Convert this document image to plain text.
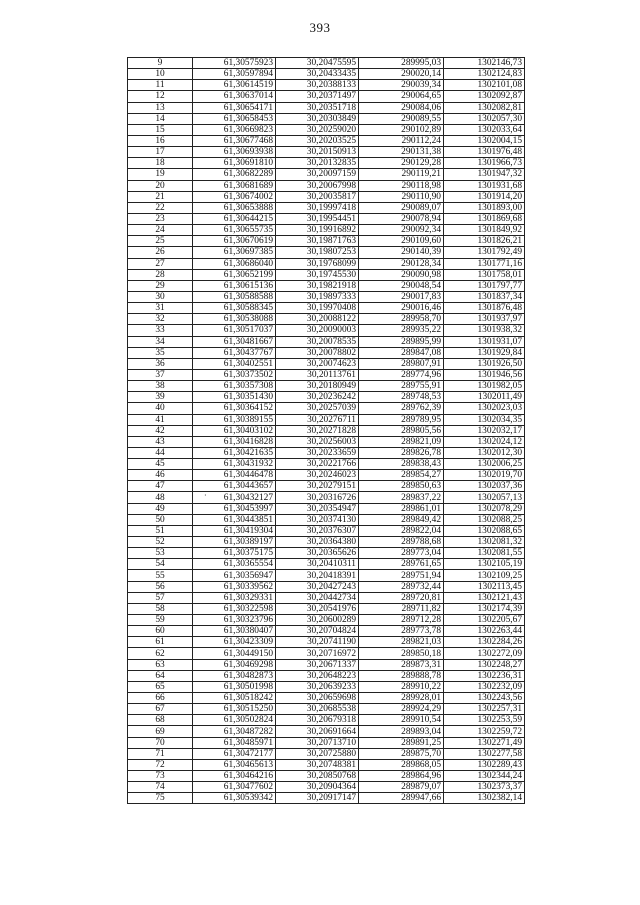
393
9	61,30575923	30,20475595	289995,03	1302146,73
10	61,30597894	30,20433435	290020,14	1302124,83
11	61,30614519	30,20388133	290039,34	1302101,08
12	61,30637014	30,20371497	290064,65	1302092,87
13	61,30654171	30,20351718	290084,06	1302082,81
14	61,30658453	30,20303849	290089,55	1302057,30
15	61,30669823	30,20259020	290102,89	1302033,64
16	61,30677468	30,20203525	290112,24	1302004,15
17	61,30693938	30,20150913	290131,38	1301976,48
18	61,30691810	30,20132835	290129,28	1301966,73
19	61,30682289	30,20097159	290119,21	1301947,32
20	61,30681689	30,20067998	290118,98	1301931,68
21	61,30674002	30,20035817	290110,90	1301914,20
22	61,30653888	30,19997418	290089,07	1301893,00
23	61,30644215	30,19954451	290078,94	1301869,68
24	61,30655735	30,19916892	290092,34	1301849,92
25	61,30670619	30,19871763	290109,60	1301826,21
26	61,30697385	30,19807253	290140,39	1301792,49
27	61,30686040	30,19768099	290128,34	1301771,16
28	61,30652199	30,19745530	290090,98	1301758,01
29	61,30615136	30,19821918	290048,54	1301797,77
30	61,30588588	30,19897333	290017,83	1301837,34
31	61,30588345	30,19970408	290016,46	1301876,48
32	61,30538088	30,20088122	289958,70	1301937,97
33	61,30517037	30,20090003	289935,22	1301938,32
34	61,30481667	30,20078535	289895,99	1301931,07
35	61,30437767	30,20078802	289847,08	1301929,84
36	61,30402551	30,20074623	289807,91	1301926,50
37	61,30373502	30,20113761	289774,96	1301946,56
38	61,30357308	30,20180949	289755,91	1301982,05
39	61,30351430	30,20236242	289748,53	1302011,49
40	61,30364152	30,20257039	289762,39	1302023,03
41	61,30389155	30,20276711	289789,95	1302034,35
42	61,30403102	30,20271828	289805,56	1302032,17
43	61,30416828	30,20256003	289821,09	1302024,12
44	61,30421635	30,20233659	289826,78	1302012,30
45	61,30431932	30,20221766	289838,43	1302006,25
46	61,30446478	30,20246023	289854,27	1302019,70
47	61,30443657	30,20279151	289850,63	1302037,36
48	61,30432127	30,20316726	289837,22	1302057,13
49	61,30453997	30,20354947	289861,01	1302078,29
50	61,30443851	30,20374130	289849,42	1302088,25
51	61,30419304	30,20376307	289822,04	1302088,65
52	61,30389197	30,20364380	289788,68	1302081,32
53	61,30375175	30,20365626	289773,04	1302081,55
54	61,30365554	30,20410311	289761,65	1302105,19
55	61,30356947	30,20418391	289751,94	1302109,25
56	61,30339562	30,20427243	289732,44	1302113,45
57	61,30329331	30,20442734	289720,81	1302121,43
58	61,30322598	30,20541976	289711,82	1302174,39
59	61,30323796	30,20600289	289712,28	1302205,67
60	61,30380407	30,20704824	289773,78	1302263,44
61	61,30423309	30,20741190	289821,03	1302284,26
62	61,30449150	30,20716972	289850,18	1302272,09
63	61,30469298	30,20671337	289873,31	1302248,27
64	61,30482873	30,20648223	289888,78	1302236,31
65	61,30501998	30,20639233	289910,22	1302232,09
66	61,30518242	30,20659698	289928,01	1302243,56
67	61,30515250	30,20685538	289924,29	1302257,31
68	61,30502824	30,20679318	289910,54	1302253,59
69	61,30487282	30,20691664	289893,04	1302259,72
70	61,30485971	30,20713710	289891,25	1302271,49
71	61,30472177	30,20725880	289875,70	1302277,58
72	61,30465613	30,20748381	289868,05	1302289,43
73	61,30464216	30,20850768	289864,96	1302344,24
74	61,30477602	30,20904364	289879,07	1302373,37
75	61,30539342	30,20917147	289947,66	1302382,14
·
